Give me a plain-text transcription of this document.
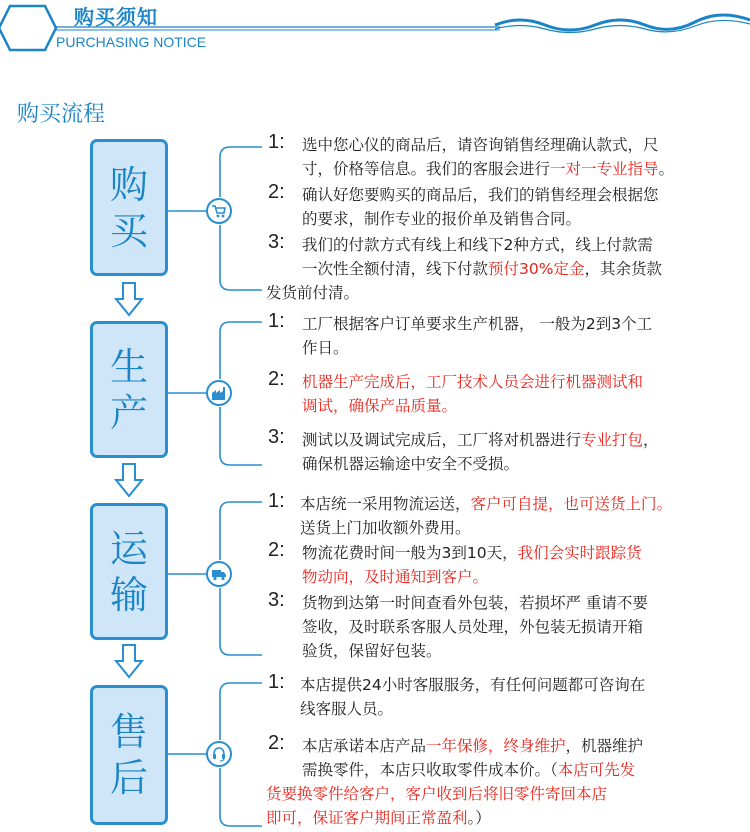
购买须知
PURCHASING NOTICE
购买流程
购
买
生
产
运
输
售
后
1: 选中您心仪的商品后，请咨询销售经理确认款式，尺
寸，价格等信息。我们的客服会进行一对一专业指导。
2: 确认好您要购买的商品后，我们的销售经理会根据您
的要求，制作专业的报价单及销售合同。
3: 我们的付款方式有线上和线下2种方式，线上付款需
一次性全额付清，线下付款预付30%定金，其余货款
发货前付清。
1: 工厂根据客户订单要求生产机器， 一般为2到3个工
作日。
2: 机器生产完成后，工厂技术人员会进行机器测试和
调试，确保产品质量。
3: 测试以及调试完成后，工厂将对机器进行专业打包，
确保机器运输途中安全不受损。
1: 本店统一采用物流运送，客户可自提，也可送货上门。
送货上门加收额外费用。
2: 物流花费时间一般为3到10天，我们会实时跟踪货
物动向，及时通知到客户。
3: 货物到达第一时间查看外包装，若损坏严 重请不要
签收，及时联系客服人员处理，外包装无损请开箱
验货，保留好包装。
1: 本店提供24小时客服服务，有任何问题都可咨询在
线客服人员。
2: 本店承诺本店产品一年保修，终身维护，机器维护
需换零件，本店只收取零件成本价。（本店可先发
货要换零件给客户，客户收到后将旧零件寄回本店
即可，保证客户期间正常盈利。）
